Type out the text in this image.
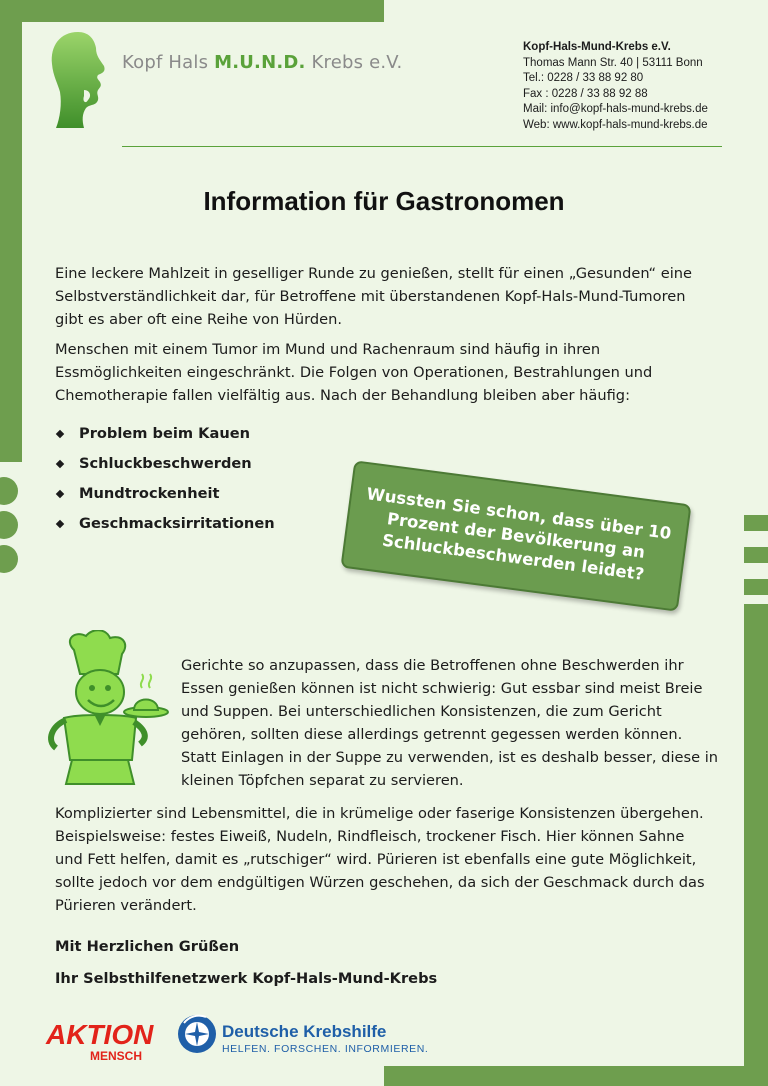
Kopf Hals M.U.N.D. Krebs e.V.
Kopf-Hals-Mund-Krebs e.V.
Thomas Mann Str. 40 | 53111 Bonn
Tel.: 0228 / 33 88 92 80
Fax : 0228 / 33 88 92 88
Mail: info@kopf-hals-mund-krebs.de
Web: www.kopf-hals-mund-krebs.de
Information für Gastronomen

Eine leckere Mahlzeit in geselliger Runde zu genießen, stellt für einen „Gesunden“ eine Selbstverständlichkeit dar, für Betroffene mit überstandenen Kopf-Hals-Mund-Tumoren gibt es aber oft eine Reihe von Hürden.

Menschen mit einem Tumor im Mund und Rachenraum sind häufig in ihren Essmöglichkeiten eingeschränkt. Die Folgen von Operationen, Bestrahlungen und Chemotherapie fallen vielfältig aus. Nach der Behandlung bleiben aber häufig:

Problem beim Kauen
Schluckbeschwerden
Mundtrockenheit
Geschmacksirritationen	Wussten Sie schon, dass über 10 Prozent der Bevölkerung an Schluckbeschwerden leidet?

Gerichte so anzupassen, dass die Betroffenen ohne Beschwerden ihr Essen genießen können ist nicht schwierig: Gut essbar sind meist Breie und Suppen. Bei unterschiedlichen Konsistenzen, die zum Gericht gehören, sollten diese allerdings getrennt gegessen werden können. Statt Einlagen in der Suppe zu verwenden, ist es deshalb besser, diese in kleinen Töpfchen separat zu servieren.

Komplizierter sind Lebensmittel, die in krümelige oder faserige Konsistenzen übergehen. Beispielsweise: festes Eiweiß, Nudeln, Rindfleisch, trockener Fisch. Hier können Sahne und Fett helfen, damit es „rutschiger“ wird. Pürieren ist ebenfalls eine gute Möglichkeit, sollte jedoch vor dem endgültigen Würzen geschehen, da sich der Geschmack durch das Pürieren verändert.

Mit Herzlichen Grüßen
Ihr Selbsthilfenetzwerk Kopf-Hals-Mund-Krebs
AKTION
MENSCH
Deutsche Krebshilfe
HELFEN. FORSCHEN. INFORMIEREN.
